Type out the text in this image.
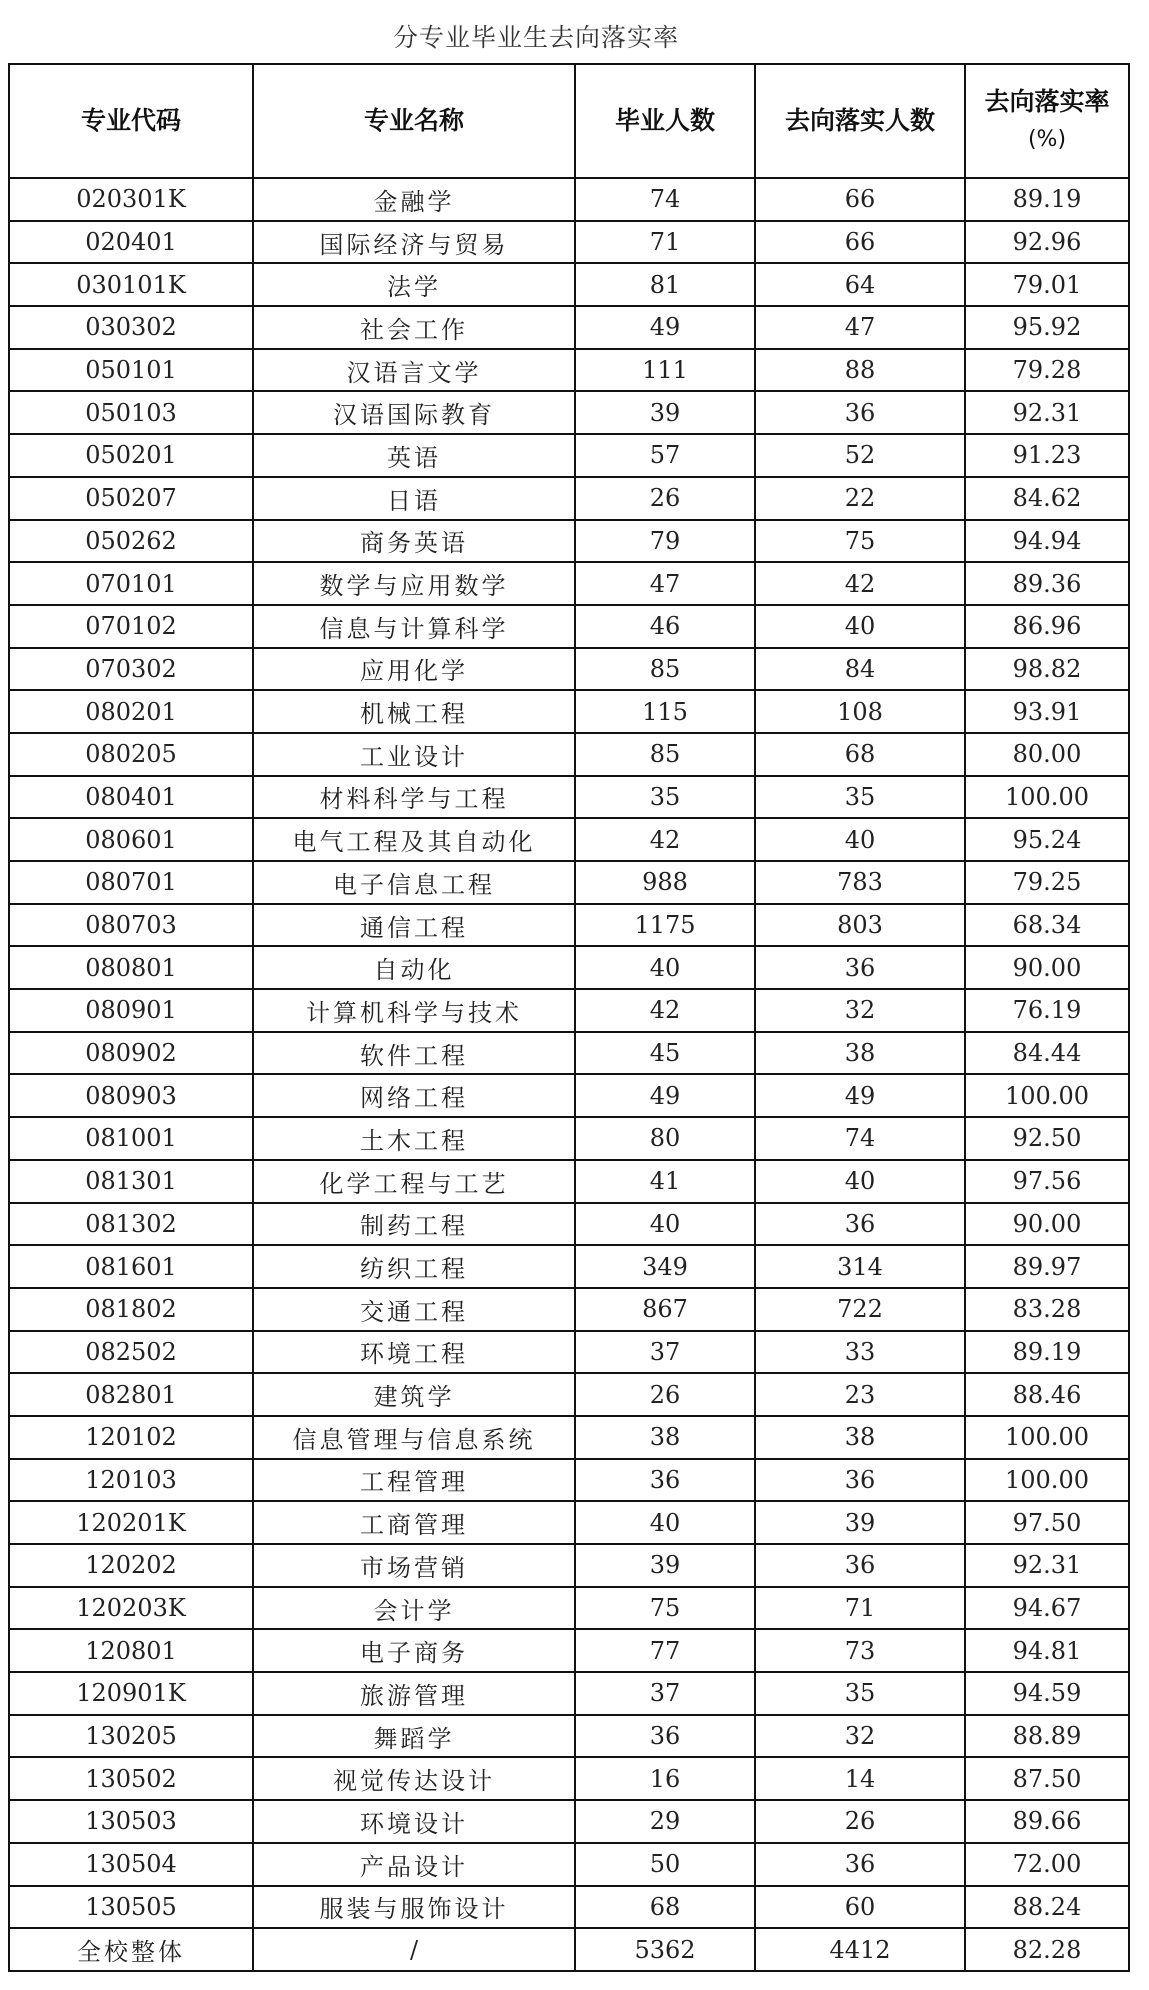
分专业毕业生去向落实率
专业代码	专业名称	毕业人数	去向落实人数	去向落实率
(%)

020301K	金融学	74	66	89.19
020401	国际经济与贸易	71	66	92.96
030101K	法学	81	64	79.01
030302	社会工作	49	47	95.92
050101	汉语言文学	111	88	79.28
050103	汉语国际教育	39	36	92.31
050201	英语	57	52	91.23
050207	日语	26	22	84.62
050262	商务英语	79	75	94.94
070101	数学与应用数学	47	42	89.36
070102	信息与计算科学	46	40	86.96
070302	应用化学	85	84	98.82
080201	机械工程	115	108	93.91
080205	工业设计	85	68	80.00
080401	材料科学与工程	35	35	100.00
080601	电气工程及其自动化	42	40	95.24
080701	电子信息工程	988	783	79.25
080703	通信工程	1175	803	68.34
080801	自动化	40	36	90.00
080901	计算机科学与技术	42	32	76.19
080902	软件工程	45	38	84.44
080903	网络工程	49	49	100.00
081001	土木工程	80	74	92.50
081301	化学工程与工艺	41	40	97.56
081302	制药工程	40	36	90.00
081601	纺织工程	349	314	89.97
081802	交通工程	867	722	83.28
082502	环境工程	37	33	89.19
082801	建筑学	26	23	88.46
120102	信息管理与信息系统	38	38	100.00
120103	工程管理	36	36	100.00
120201K	工商管理	40	39	97.50
120202	市场营销	39	36	92.31
120203K	会计学	75	71	94.67
120801	电子商务	77	73	94.81
120901K	旅游管理	37	35	94.59
130205	舞蹈学	36	32	88.89
130502	视觉传达设计	16	14	87.50
130503	环境设计	29	26	89.66
130504	产品设计	50	36	72.00
130505	服装与服饰设计	68	60	88.24
全校整体	/	5362	4412	82.28
